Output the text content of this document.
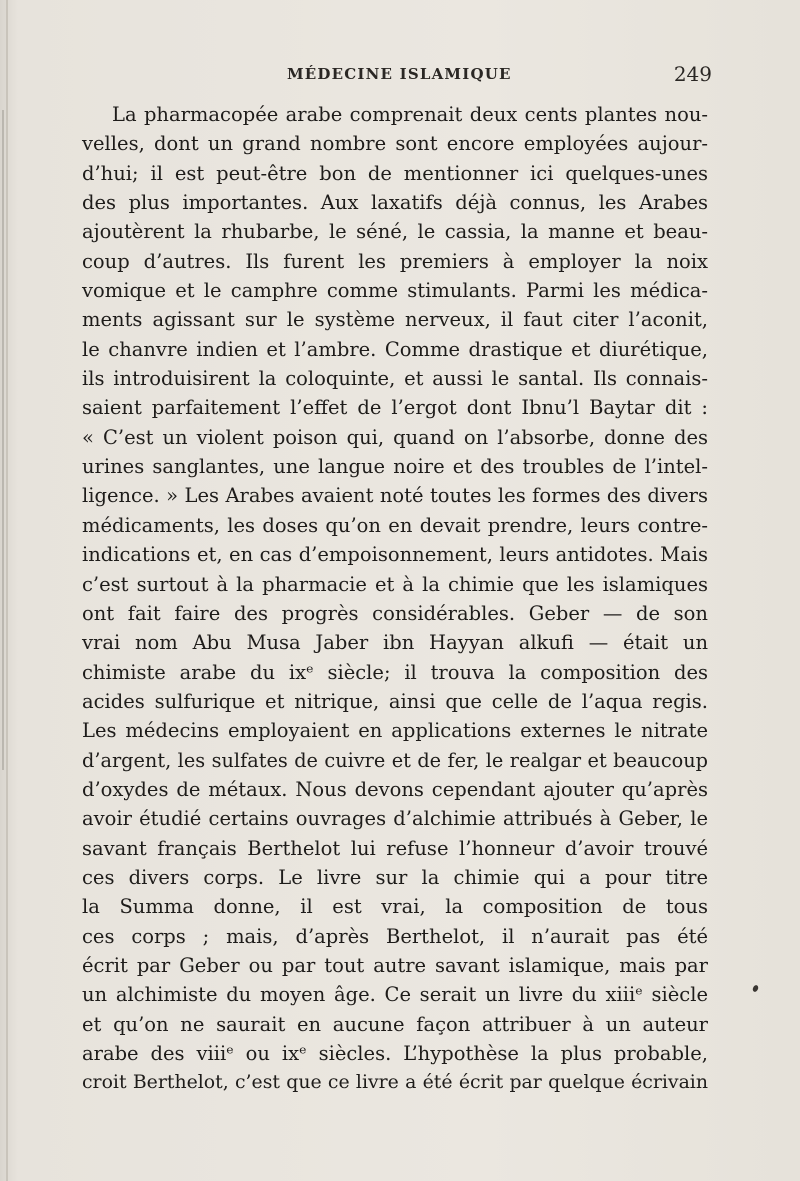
MÉDECINE ISLAMIQUE	249
La pharmacopée arabe comprenait deux cents plantes nou-
velles, dont un grand nombre sont encore employées aujour-
d’hui; il est peut-être bon de mentionner ici quelques-unes
des plus importantes. Aux laxatifs déjà connus, les Arabes
ajoutèrent la rhubarbe, le séné, le cassia, la manne et beau-
coup d’autres. Ils furent les premiers à employer la noix
vomique et le camphre comme stimulants. Parmi les médica-
ments agissant sur le système nerveux, il faut citer l’aconit,
le chanvre indien et l’ambre. Comme drastique et diurétique,
ils introduisirent la coloquinte, et aussi le santal. Ils connais-
saient parfaitement l’effet de l’ergot dont Ibnu’l Baytar dit :
« C’est un violent poison qui, quand on l’absorbe, donne des
urines sanglantes, une langue noire et des troubles de l’intel-
ligence. » Les Arabes avaient noté toutes les formes des divers
médicaments, les doses qu’on en devait prendre, leurs contre-
indications et, en cas d’empoisonnement, leurs antidotes. Mais
c’est surtout à la pharmacie et à la chimie que les islamiques
ont fait faire des progrès considérables. Geber — de son
vrai nom Abu Musa Jaber ibn Hayyan alkufi — était un
chimiste arabe du ixᵉ siècle; il trouva la composition des
acides sulfurique et nitrique, ainsi que celle de l’aqua regis.
Les médecins employaient en applications externes le nitrate
d’argent, les sulfates de cuivre et de fer, le realgar et beaucoup
d’oxydes de métaux. Nous devons cependant ajouter qu’après
avoir étudié certains ouvrages d’alchimie attribués à Geber, le
savant français Berthelot lui refuse l’honneur d’avoir trouvé
ces divers corps. Le livre sur la chimie qui a pour titre
la Summa donne, il est vrai, la composition de tous
ces corps ; mais, d’après Berthelot, il n’aurait pas été
écrit par Geber ou par tout autre savant islamique, mais par
un alchimiste du moyen âge. Ce serait un livre du xiiiᵉ siècle
et qu’on ne saurait en aucune façon attribuer à un auteur
arabe des viiiᵉ ou ixᵉ siècles. L’hypothèse la plus probable,
croit Berthelot, c’est que ce livre a été écrit par quelque écrivain
